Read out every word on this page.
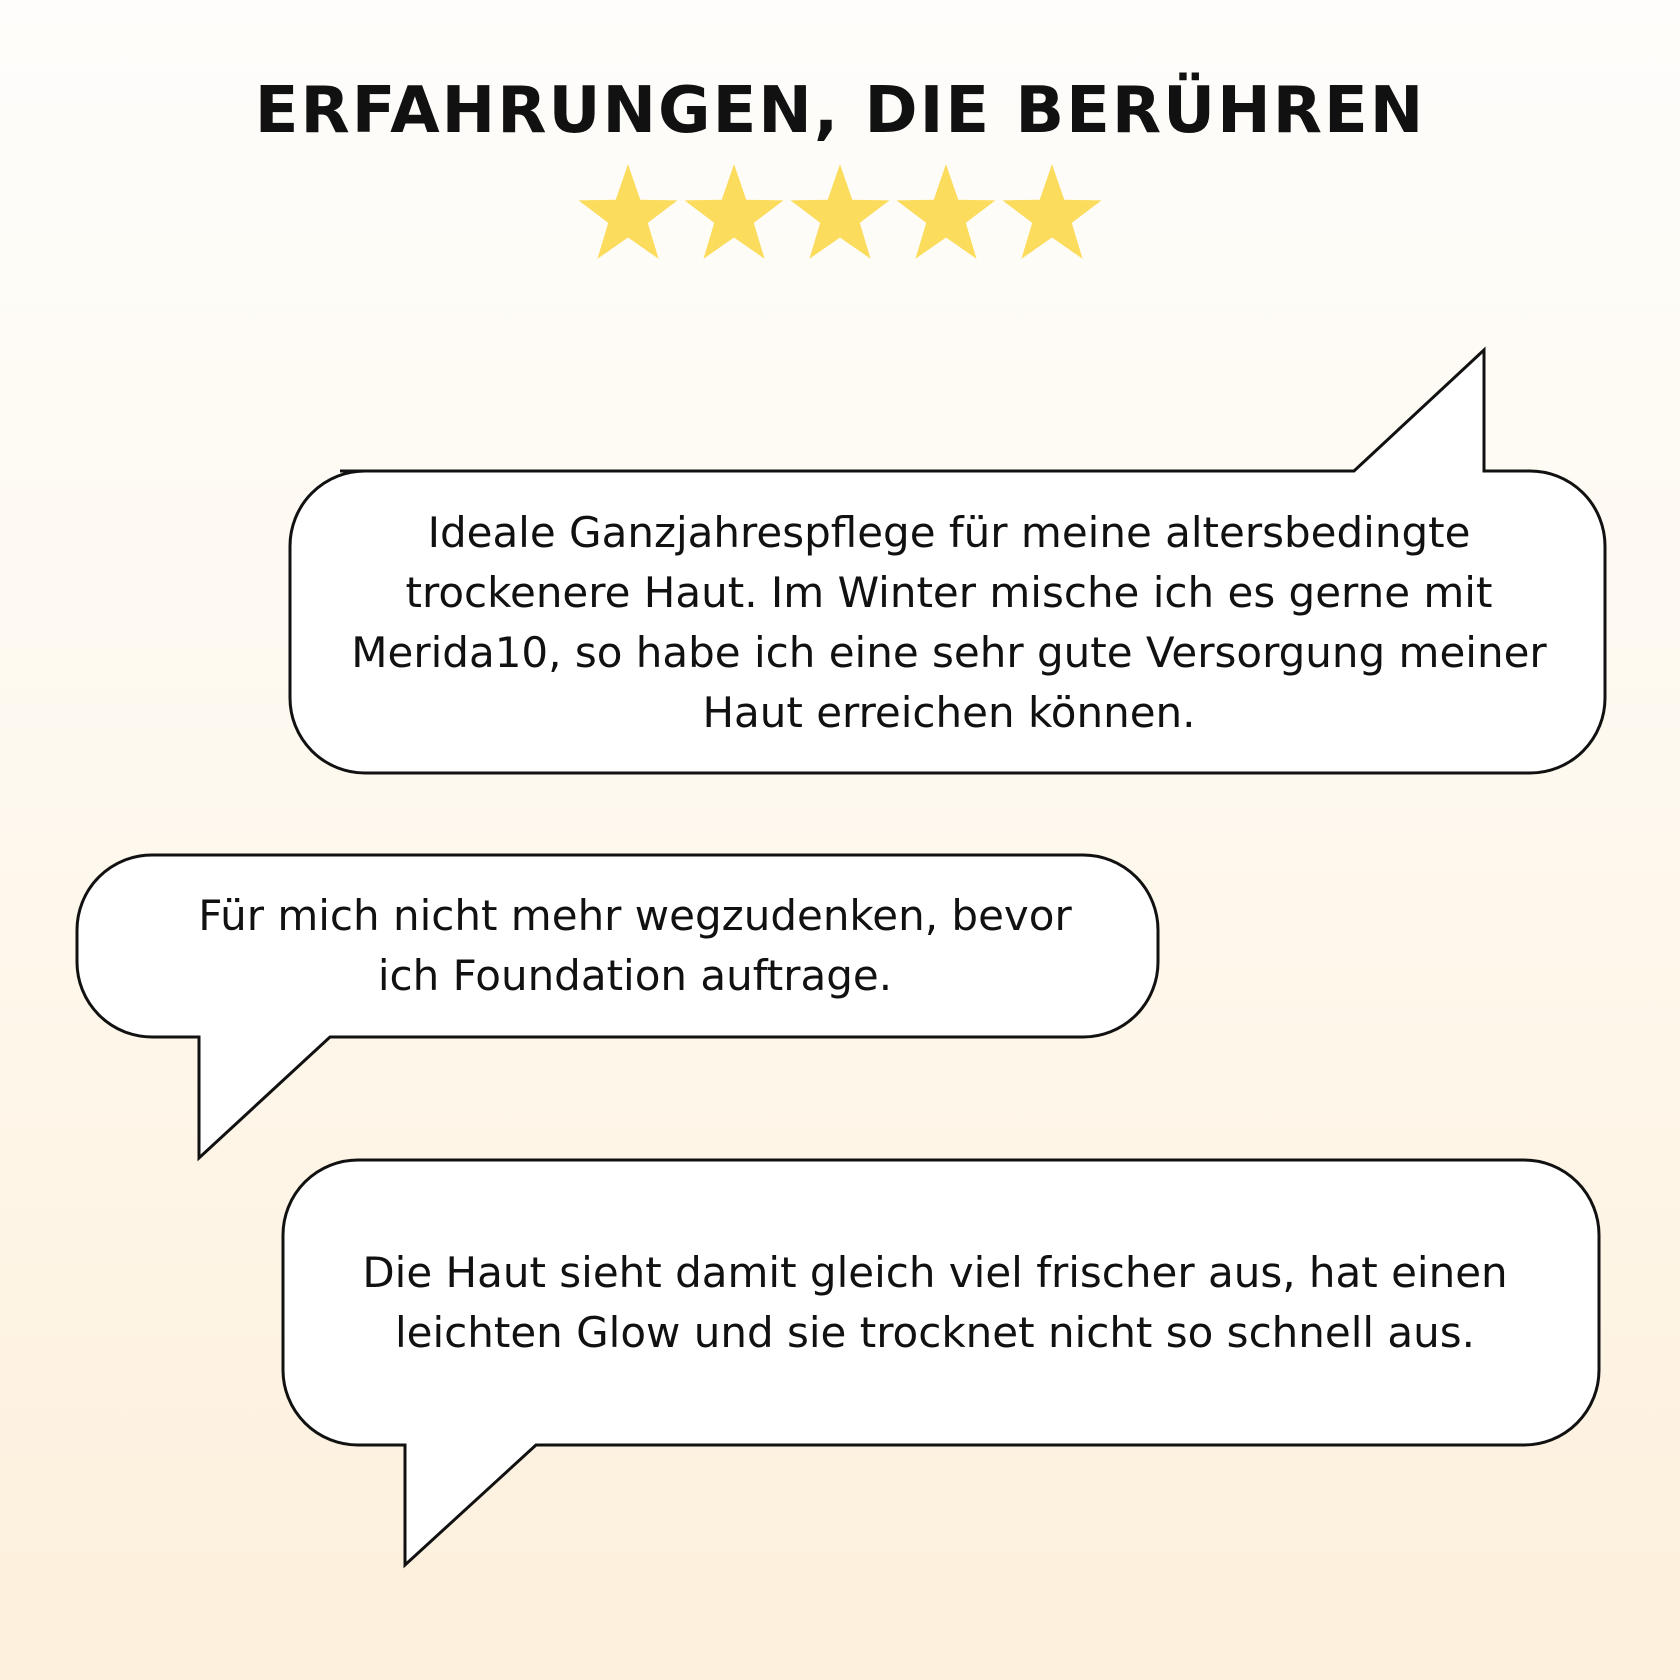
ERFAHRUNGEN, DIE BERÜHREN
Ideale Ganzjahrespflege für meine altersbedingte trockenere Haut. Im Winter mische ich es gerne mit Merida10, so habe ich eine sehr gute Versorgung meiner Haut erreichen können.
Für mich nicht mehr wegzudenken, bevor ich Foundation auftrage.
Die Haut sieht damit gleich viel frischer aus, hat einen leichten Glow und sie trocknet nicht so schnell aus.
